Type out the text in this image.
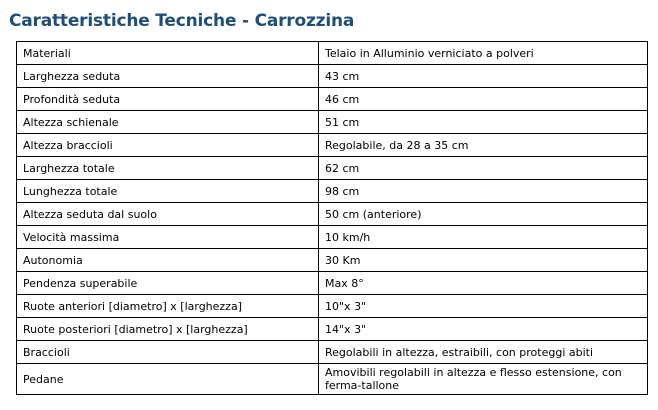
Caratteristiche Tecniche - Carrozzina
Materiali	Telaio in Alluminio verniciato a polveri
Larghezza seduta	43 cm
Profondità seduta	46 cm
Altezza schienale	51 cm
Altezza braccioli	Regolabile, da 28 a 35 cm
Larghezza totale	62 cm
Lunghezza totale	98 cm
Altezza seduta dal suolo	50 cm (anteriore)
Velocità massima	10 km/h
Autonomia	30 Km
Pendenza superabile	Max 8°
Ruote anteriori [diametro] x [larghezza]	10"x 3"
Ruote posteriori [diametro] x [larghezza]	14"x 3"
Braccioli	Regolabili in altezza, estraibili, con proteggi abiti
Pedane	Amovibili regolabili in altezza e flesso estensione, con ferma-tallone
